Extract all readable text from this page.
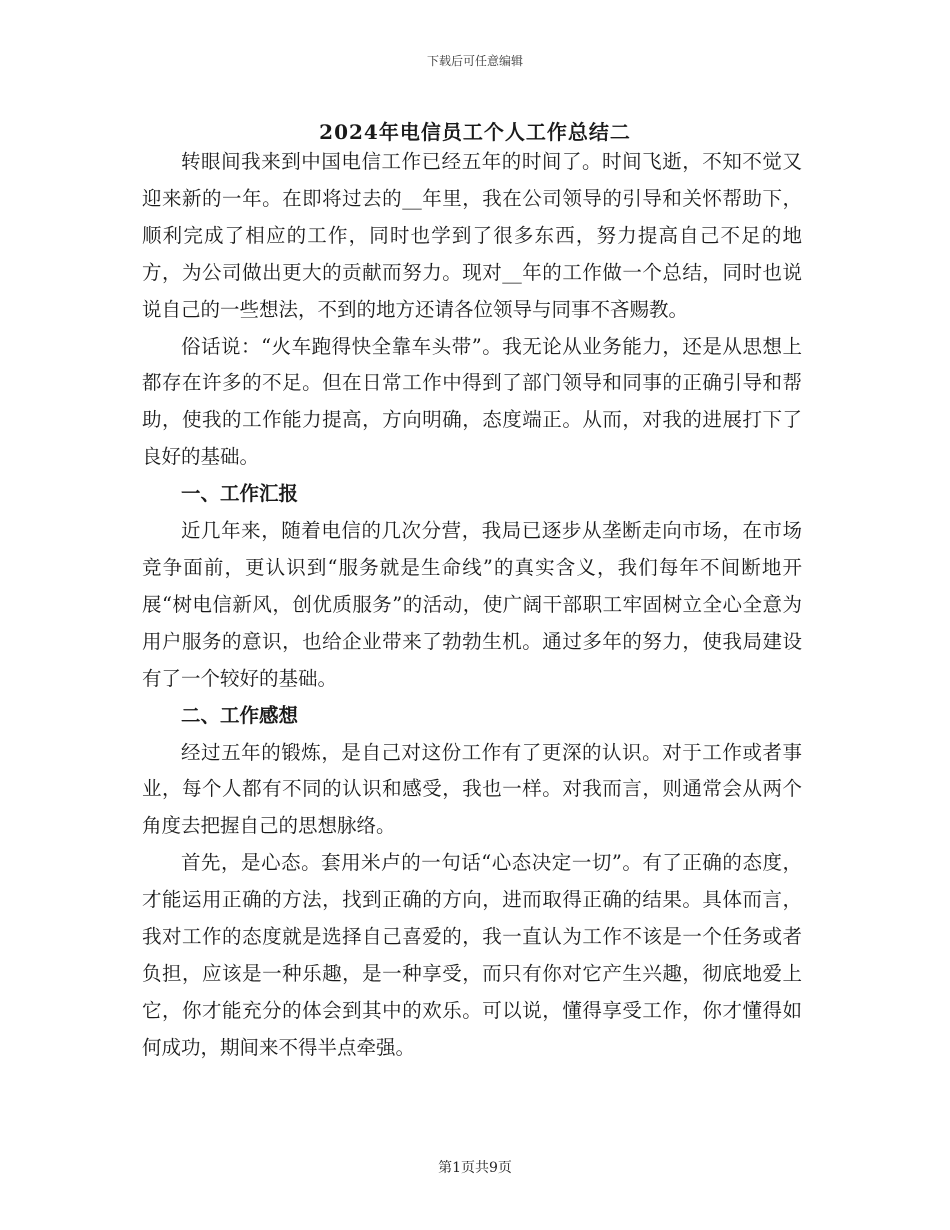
下载后可任意编辑
2024年电信员工个人工作总结二

转眼间我来到中国电信工作已经五年的时间了。时间飞逝，不知不觉又迎来新的一年。在即将过去的__年里，我在公司领导的引导和关怀帮助下，顺利完成了相应的工作，同时也学到了很多东西，努力提高自己不足的地方，为公司做出更大的贡献而努力。现对__年的工作做一个总结，同时也说说自己的一些想法，不到的地方还请各位领导与同事不吝赐教。

俗话说：“火车跑得快全靠车头带”。我无论从业务能力，还是从思想上都存在许多的不足。但在日常工作中得到了部门领导和同事的正确引导和帮助，使我的工作能力提高，方向明确，态度端正。从而，对我的进展打下了良好的基础。

一、工作汇报

近几年来，随着电信的几次分营，我局已逐步从垄断走向市场，在市场竞争面前，更认识到“服务就是生命线”的真实含义，我们每年不间断地开展“树电信新风，创优质服务”的活动，使广阔干部职工牢固树立全心全意为用户服务的意识，也给企业带来了勃勃生机。通过多年的努力，使我局建设有了一个较好的基础。

二、工作感想

经过五年的锻炼，是自己对这份工作有了更深的认识。对于工作或者事业，每个人都有不同的认识和感受，我也一样。对我而言，则通常会从两个角度去把握自己的思想脉络。

首先，是心态。套用米卢的一句话“心态决定一切”。有了正确的态度，才能运用正确的方法，找到正确的方向，进而取得正确的结果。具体而言，我对工作的态度就是选择自己喜爱的，我一直认为工作不该是一个任务或者负担，应该是一种乐趣，是一种享受，而只有你对它产生兴趣，彻底地爱上它，你才能充分的体会到其中的欢乐。可以说，懂得享受工作，你才懂得如何成功，期间来不得半点牵强。

第1页共9页
